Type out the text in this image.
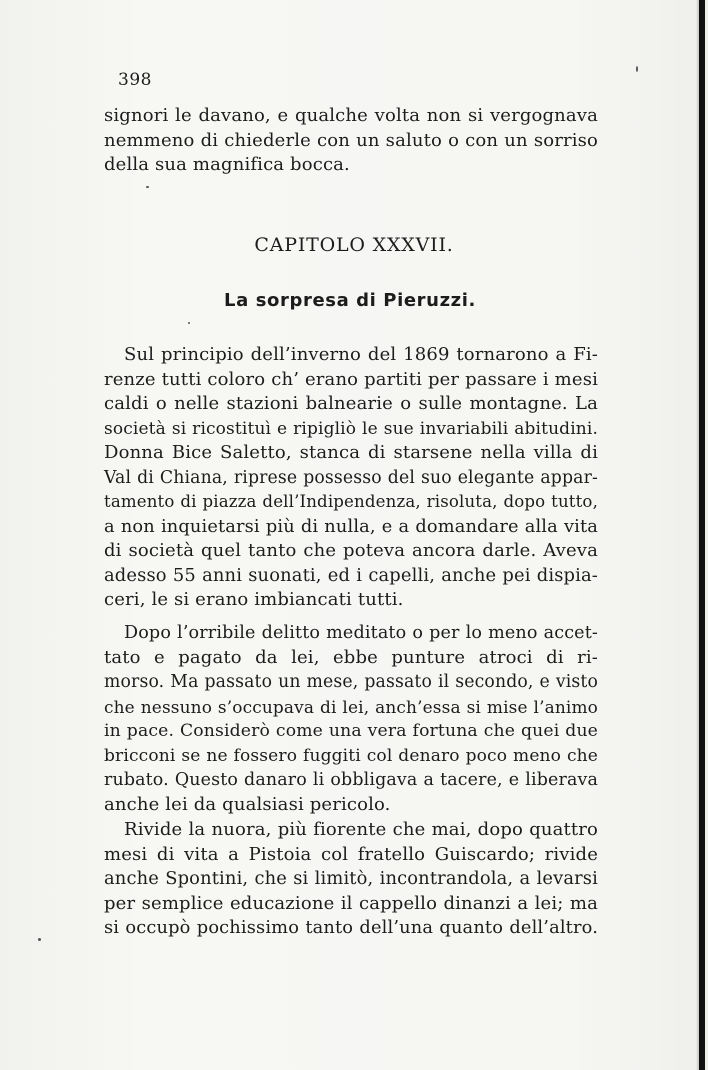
398
signori le davano, e qualche volta non si vergognava
nemmeno di chiederle con un saluto o con un sorriso
della sua magnifica bocca.
CAPITOLO XXXVII.
La sorpresa di Pieruzzi.
Sul principio dell’inverno del 1869 tornarono a Fi-
renze tutti coloro ch’ erano partiti per passare i mesi
caldi o nelle stazioni balnearie o sulle montagne. La
società si ricostituì e ripigliò le sue invariabili abitudini.
Donna Bice Saletto, stanca di starsene nella villa di
Val di Chiana, riprese possesso del suo elegante appar-
tamento di piazza dell’Indipendenza, risoluta, dopo tutto,
a non inquietarsi più di nulla, e a domandare alla vita
di società quel tanto che poteva ancora darle. Aveva
adesso 55 anni suonati, ed i capelli, anche pei dispia-
ceri, le si erano imbiancati tutti.
Dopo l’orribile delitto meditato o per lo meno accet-
tato e pagato da lei, ebbe punture atroci di ri-
morso. Ma passato un mese, passato il secondo, e visto
che nessuno s’occupava di lei, anch’essa si mise l’animo
in pace. Considerò come una vera fortuna che quei due
bricconi se ne fossero fuggiti col denaro poco meno che
rubato. Questo danaro li obbligava a tacere, e liberava
anche lei da qualsiasi pericolo.
Rivide la nuora, più fiorente che mai, dopo quattro
mesi di vita a Pistoia col fratello Guiscardo; rivide
anche Spontini, che si limitò, incontrandola, a levarsi
per semplice educazione il cappello dinanzi a lei; ma
si occupò pochissimo tanto dell’una quanto dell’altro.
